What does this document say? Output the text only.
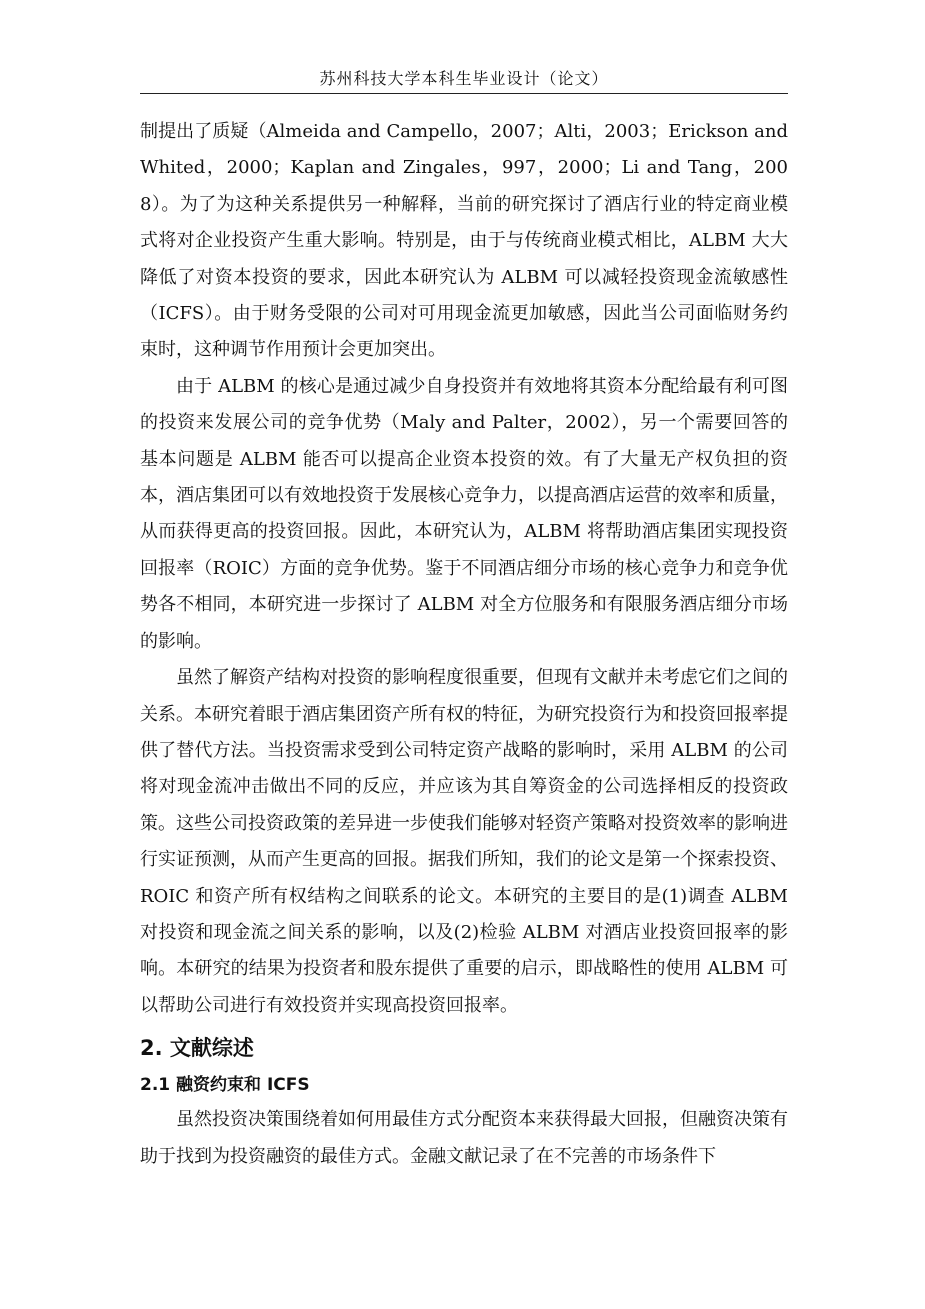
苏州科技大学本科生毕业设计（论文）

制提出了质疑（Almeida and Campello，2007；Alti，2003；Erickson and Whited，2000；Kaplan and Zingales，997，2000；Li and Tang，2008）。为了为这种关系提供另一种解释，当前的研究探讨了酒店行业的特定商业模式将对企业投资产生重大影响。特别是，由于与传统商业模式相比，ALBM 大大降低了对资本投资的要求，因此本研究认为 ALBM 可以减轻投资现金流敏感性（ICFS）。由于财务受限的公司对可用现金流更加敏感，因此当公司面临财务约束时，这种调节作用预计会更加突出。

由于 ALBM 的核心是通过减少自身投资并有效地将其资本分配给最有利可图的投资来发展公司的竞争优势（Maly and Palter，2002），另一个需要回答的基本问题是 ALBM 能否可以提高企业资本投资的效。有了大量无产权负担的资本，酒店集团可以有效地投资于发展核心竞争力，以提高酒店运营的效率和质量，从而获得更高的投资回报。因此，本研究认为，ALBM 将帮助酒店集团实现投资回报率（ROIC）方面的竞争优势。鉴于不同酒店细分市场的核心竞争力和竞争优势各不相同，本研究进一步探讨了 ALBM 对全方位服务和有限服务酒店细分市场的影响。

虽然了解资产结构对投资的影响程度很重要，但现有文献并未考虑它们之间的关系。本研究着眼于酒店集团资产所有权的特征，为研究投资行为和投资回报率提供了替代方法。当投资需求受到公司特定资产战略的影响时，采用 ALBM 的公司将对现金流冲击做出不同的反应，并应该为其自筹资金的公司选择相反的投资政策。这些公司投资政策的差异进一步使我们能够对轻资产策略对投资效率的影响进行实证预测，从而产生更高的回报。据我们所知，我们的论文是第一个探索投资、ROIC 和资产所有权结构之间联系的论文。本研究的主要目的是(1)调查 ALBM 对投资和现金流之间关系的影响，以及(2)检验 ALBM 对酒店业投资回报率的影响。本研究的结果为投资者和股东提供了重要的启示，即战略性的使用 ALBM 可以帮助公司进行有效投资并实现高投资回报率。

2. 文献综述
2.1 融资约束和 ICFS

虽然投资决策围绕着如何用最佳方式分配资本来获得最大回报，但融资决策有助于找到为投资融资的最佳方式。金融文献记录了在不完善的市场条件下
